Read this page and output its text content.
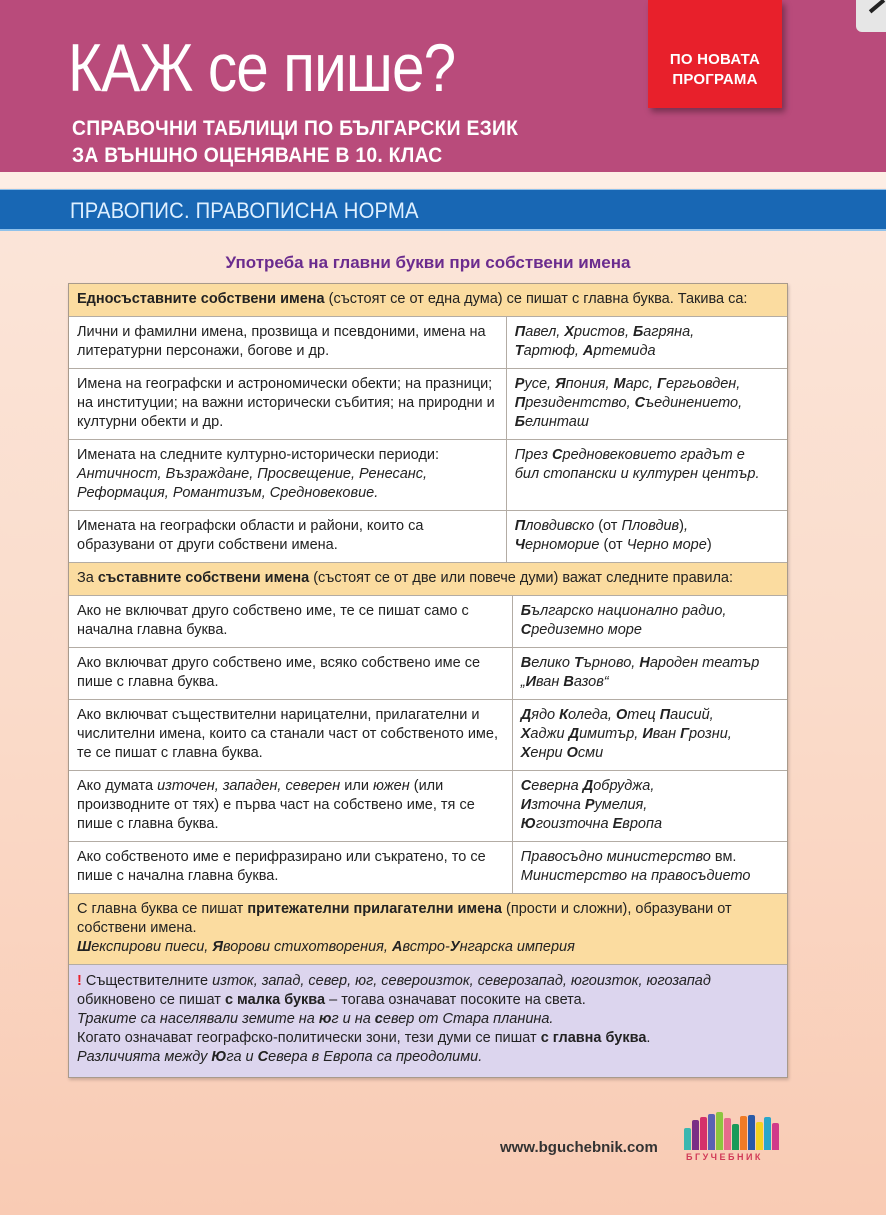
КАЖ се пише?
СПРАВОЧНИ ТАБЛИЦИ ПО БЪЛГАРСКИ ЕЗИК
ЗА ВЪНШНО ОЦЕНЯВАНЕ В 10. КЛАС
ПО НОВАТА
ПРОГРАМА
ПРАВОПИС. ПРАВОПИСНА НОРМА
Употреба на главни букви при собствени имена
Едносъставните собствени имена (състоят се от една дума) се пишат с главна буква. Такива са:
Лични и фамилни имена, прозвища и псевдоними, имена на литературни персонажи, богове и др.
Павел, Христов, Багряна,
Тартюф, Артемида
Имена на географски и астрономически обекти; на празници; на институции; на важни исторически събития; на природни и културни обекти и др.
Русе, Япония, Марс, Гергьовден,
Президентство, Съединението,
Белинташ
Имената на следните културно-исторически периоди: Античност, Възраждане, Просвещение, Ренесанс, Реформация, Романтизъм, Средновековие.
През Средновековието градът е
бил стопански и културен център.
Имената на географски области и райони, които са образувани от други собствени имена.
Пловдивско (от Пловдив),
Черноморие (от Черно море)
За съставните собствени имена (състоят се от две или повече думи) важат следните правила:
Ако не включват друго собствено име, те се пишат само с начална главна буква.
Българско национално радио,
Средиземно море
Ако включват друго собствено име, всяко собствено име се пише с главна буква.
Велико Търново, Народен театър
„Иван Вазов“
Ако включват съществителни нарицателни, прилагателни и числителни имена, които са станали част от собственото име, те се пишат с главна буква.
Дядо Коледа, Отец Паисий,
Хаджи Димитър, Иван Грозни,
Хенри Осми
Ако думата източен, западен, северен или южен (или производните от тях) е първа част на собствено име, тя се пише с главна буква.
Северна Добруджа,
Източна Румелия,
Югоизточна Европа
Ако собственото име е перифразирано или съкратено, то се пише с начална главна буква.
Правосъдно министерство вм.
Министерство на правосъдието
С главна буква се пишат притежателни прилагателни имена (прости и сложни), образувани от собствени имена.
Шекспирови пиеси, Яворови стихотворения, Австро-Унгарска империя
! Съществителните изток, запад, север, юг, североизток, северозапад, югоизток, югозапад
обикновено се пишат с малка буква – тогава означават посоките на света.
Траките са населявали земите на юг и на север от Стара планина.
Когато означават географско-политически зони, тези думи се пишат с главна буква.
Различията между Юга и Севера в Европа са преодолими.
www.bguchebnik.com
БГУЧЕБНИК
